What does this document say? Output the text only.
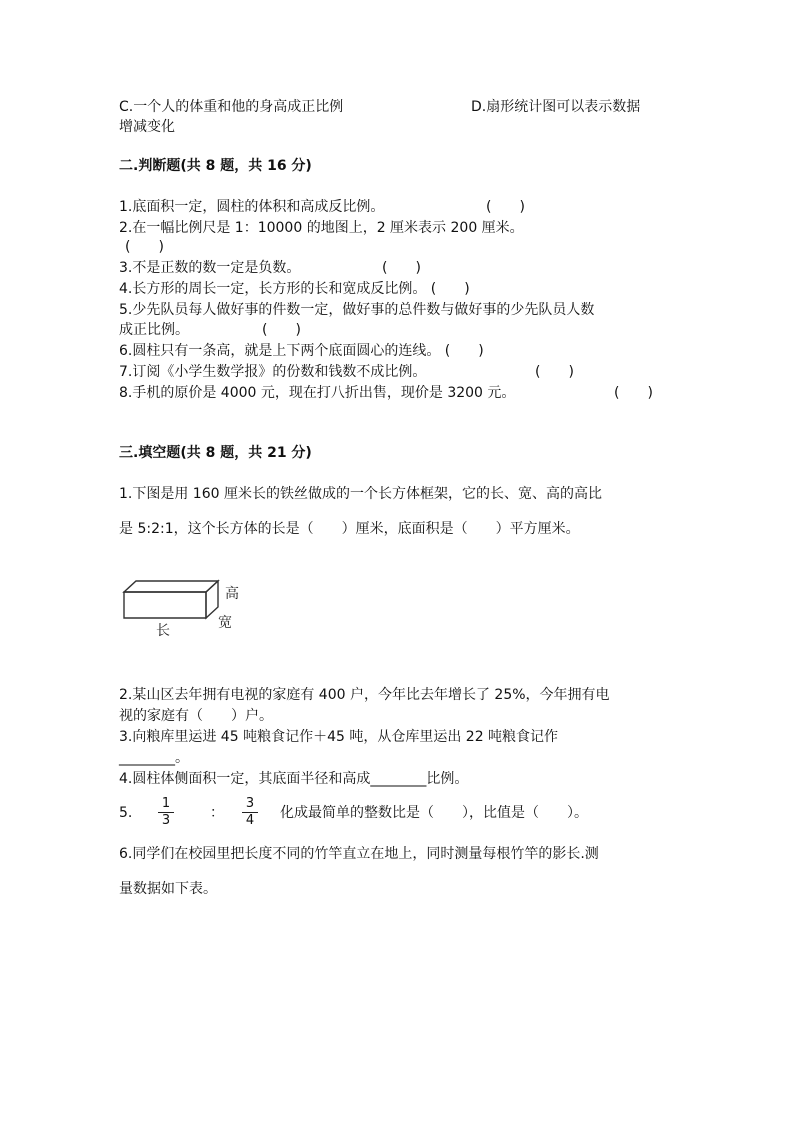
C.一个人的体重和他的身高成正比例	D.扇形统计图可以表示数据
增减变化
二.判断题(共 8 题，共 16 分)
1.底面积一定，圆柱的体积和高成反比例。	(　　)
2.在一幅比例尺是 1：10000 的地图上，2 厘米表示 200 厘米。
(　　)
3.不是正数的数一定是负数。	(　　)
4.长方形的周长一定，长方形的长和宽成反比例。 (　　)
5.少先队员每人做好事的件数一定，做好事的总件数与做好事的少先队员人数
成正比例。	(　　)
6.圆柱只有一条高，就是上下两个底面圆心的连线。 (　　)
7.订阅《小学生数学报》的份数和钱数不成比例。	(　　)
8.手机的原价是 4000 元，现在打八折出售，现价是 3200 元。	(　　)
三.填空题(共 8 题，共 21 分)
1.下图是用 160 厘米长的铁丝做成的一个长方体框架，它的长、宽、高的高比
是 5:2:1，这个长方体的长是（　　）厘米，底面积是（　　）平方厘米。
高
宽
长
2.某山区去年拥有电视的家庭有 400 户，今年比去年增长了 25%，今年拥有电
视的家庭有（　　）户。
3.向粮库里运进 45 吨粮食记作＋45 吨，从仓库里运出 22 吨粮食记作
________。
4.圆柱体侧面积一定，其底面半径和高成________比例。
5. $\frac{1}{3}$	： $\frac{3}{4}$ 化成最简单的整数比是（　　），比值是（　　）。
6.同学们在校园里把长度不同的竹竿直立在地上，同时测量每根竹竿的影长.测
量数据如下表。
